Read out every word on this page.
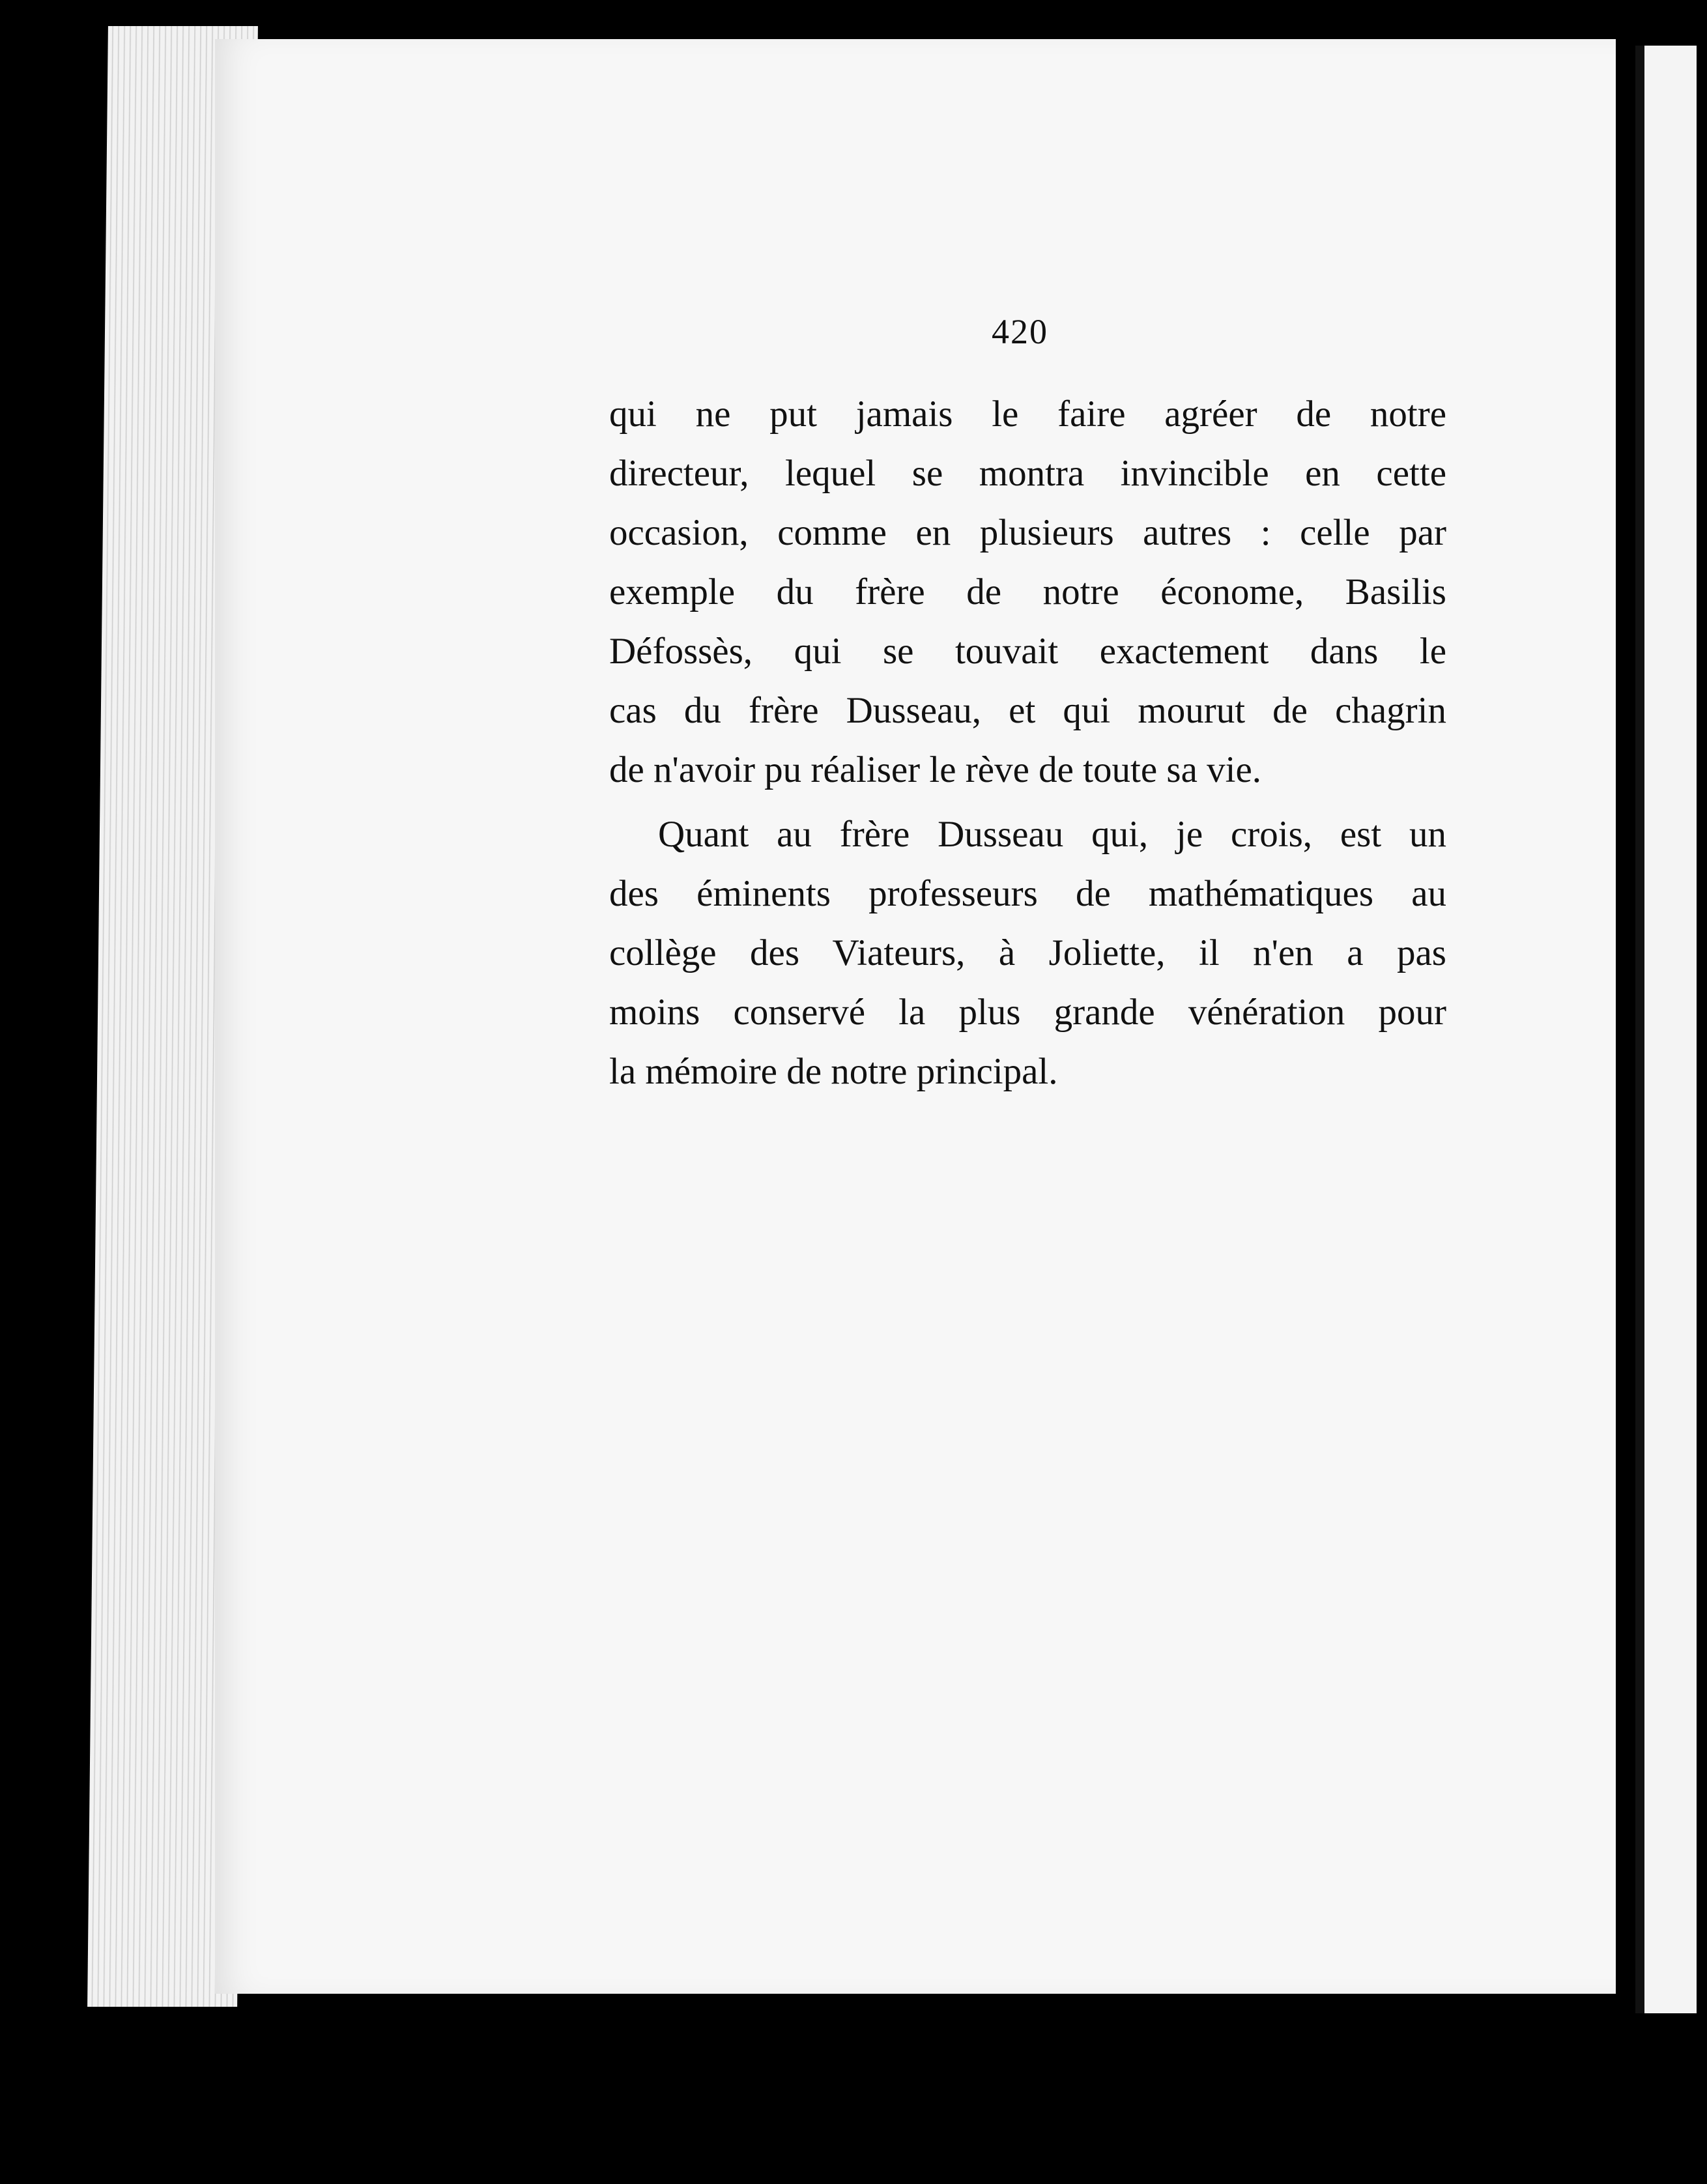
420
qui ne put jamais le faire agréer de notre
directeur, lequel se montra invincible en cette
occasion, comme en plusieurs autres : celle par
exemple du frère de notre économe, Basilis
Défossès, qui se touvait exactement dans le
cas du frère Dusseau, et qui mourut de chagrin
de n'avoir pu réaliser le rève de toute sa vie.
Quant au frère Dusseau qui, je crois, est un
des éminents professeurs de mathématiques au
collège des Viateurs, à Joliette, il n'en a pas
moins conservé la plus grande vénération pour
la mémoire de notre principal.
